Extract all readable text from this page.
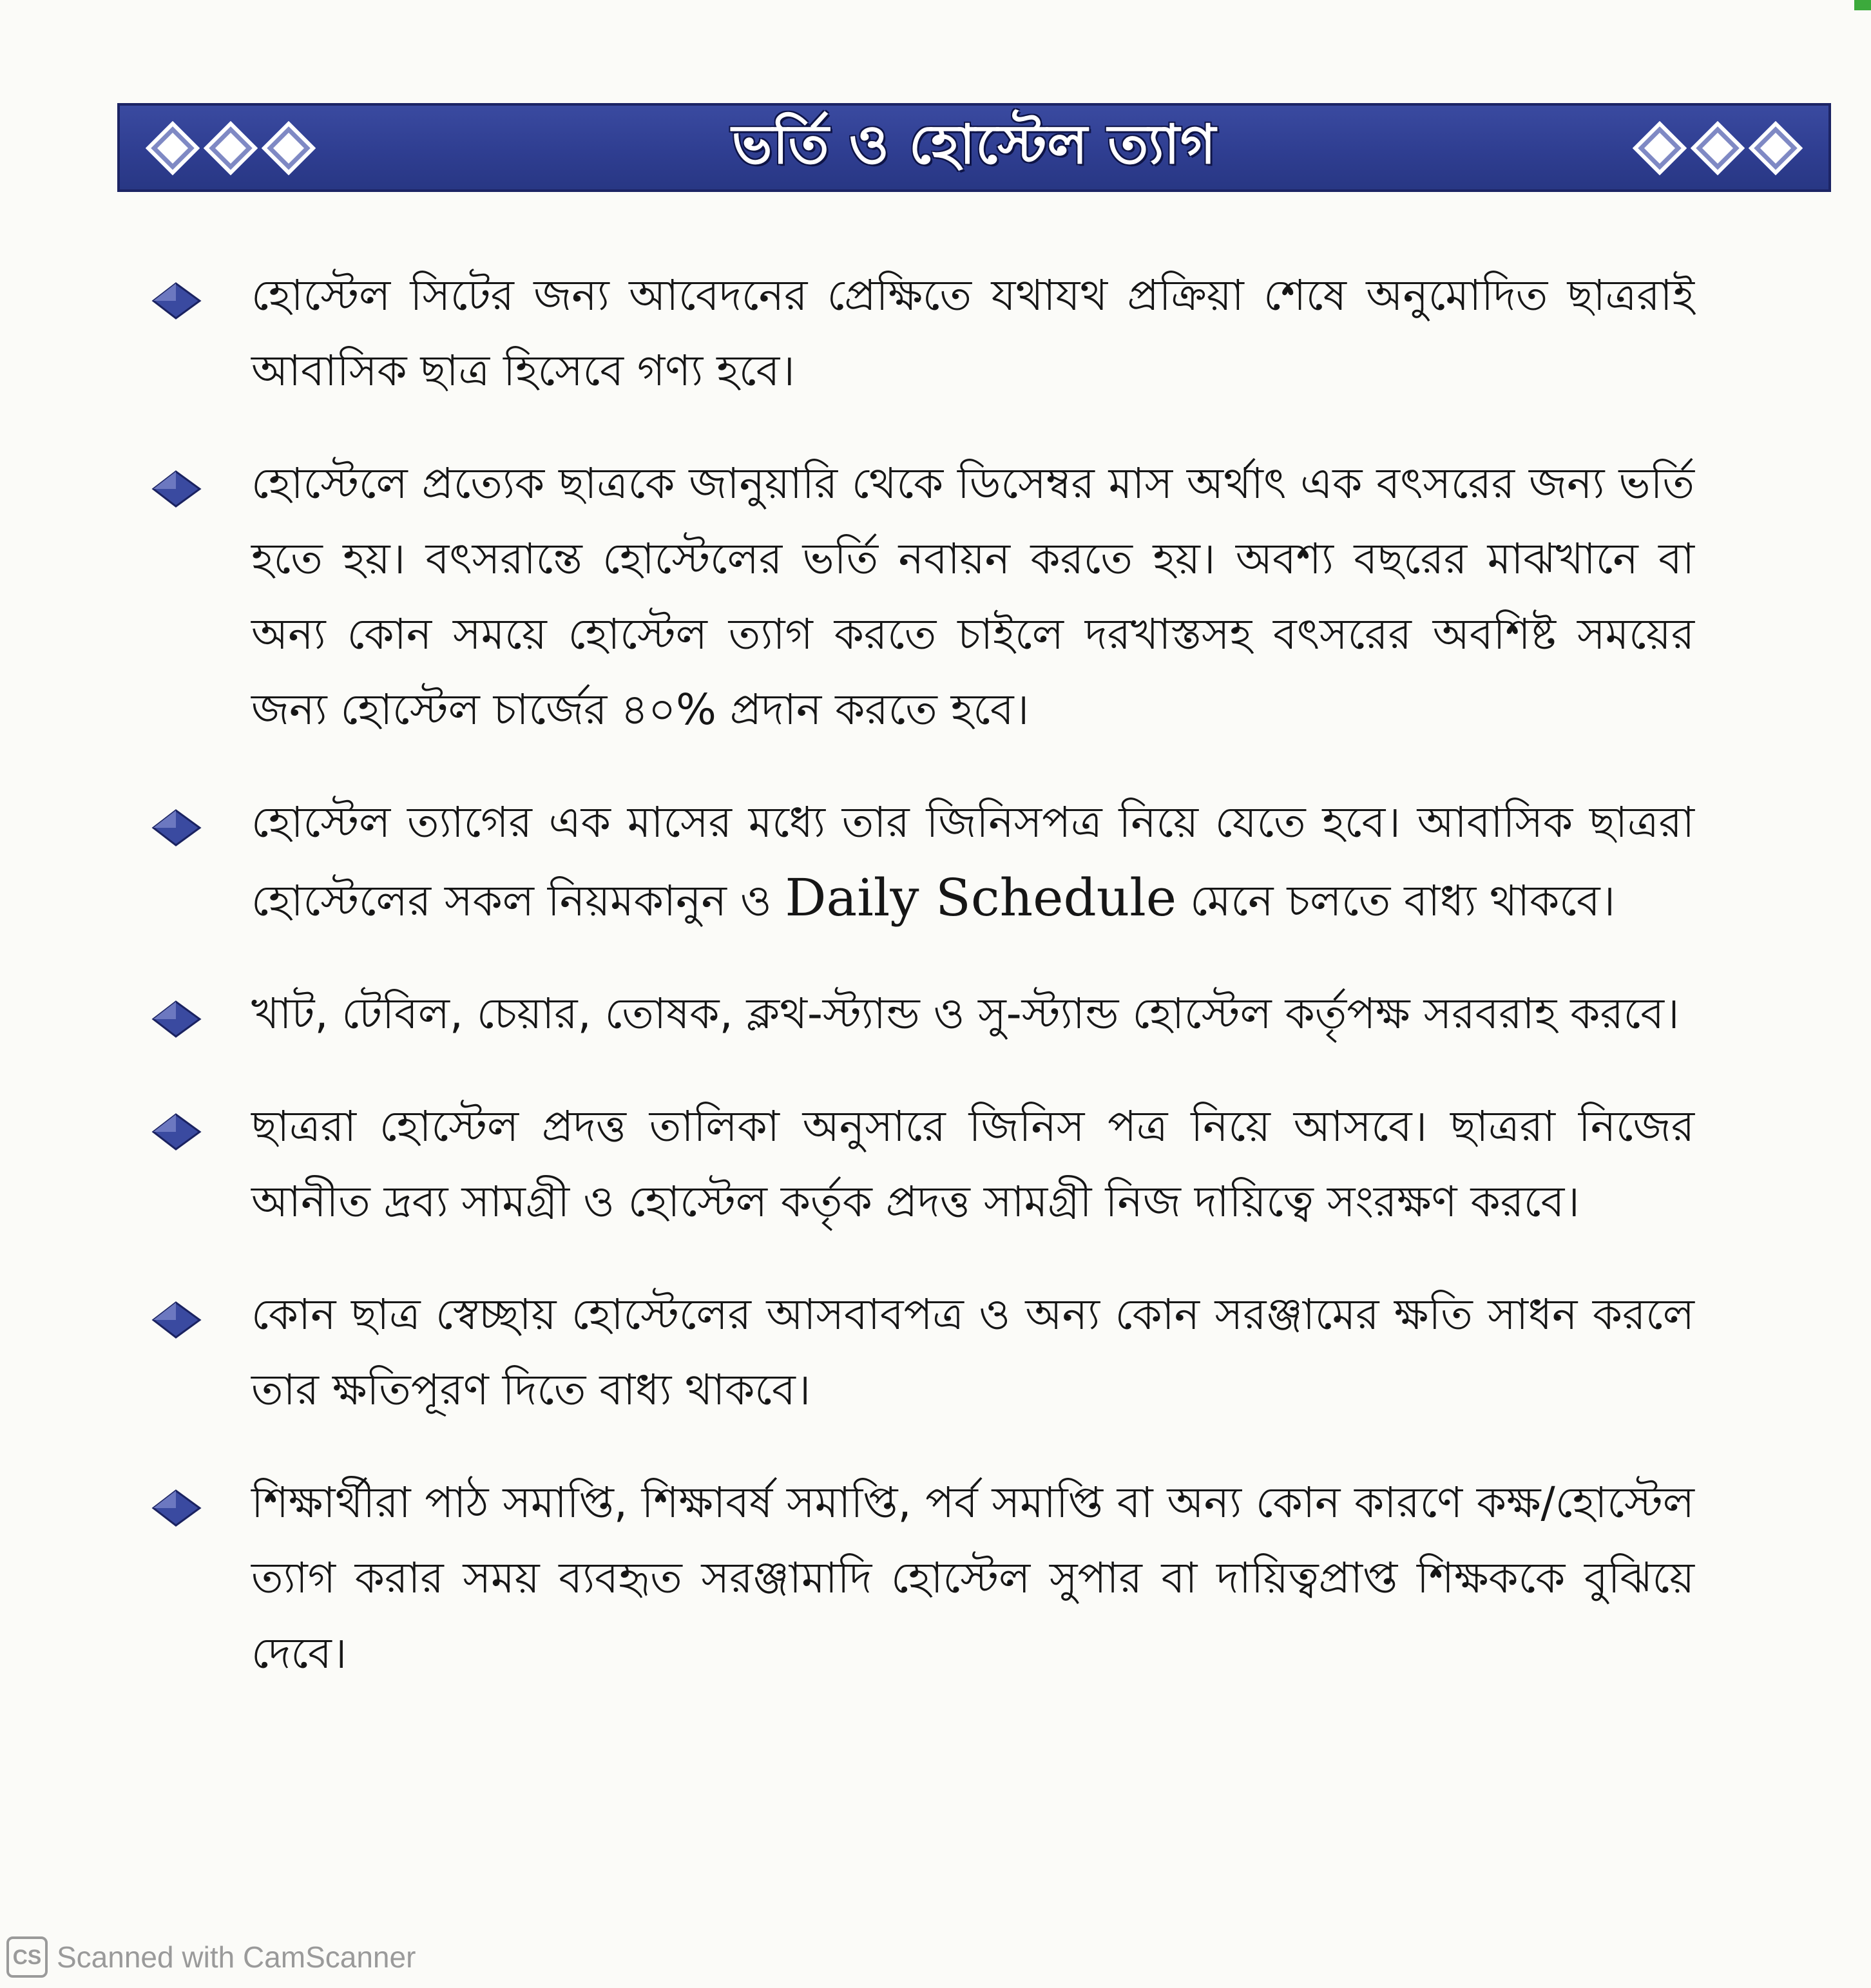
ভর্তি ও হোস্টেল ত্যাগ
হোস্টেল সিটের জন্য আবেদনের প্রেক্ষিতে যথাযথ প্রক্রিয়া শেষে অনুমোদিত ছাত্ররাই আবাসিক ছাত্র হিসেবে গণ্য হবে।
হোস্টেলে প্রত্যেক ছাত্রকে জানুয়ারি থেকে ডিসেম্বর মাস অর্থাৎ এক বৎসরের জন্য ভর্তি হতে হয়। বৎসরান্তে হোস্টেলের ভর্তি নবায়ন করতে হয়। অবশ্য বছরের মাঝখানে বা অন্য কোন সময়ে হোস্টেল ত্যাগ করতে চাইলে দরখাস্তসহ বৎসরের অবশিষ্ট সময়ের জন্য হোস্টেল চার্জের ৪০% প্রদান করতে হবে।
হোস্টেল ত্যাগের এক মাসের মধ্যে তার জিনিসপত্র নিয়ে যেতে হবে। আবাসিক ছাত্ররা হোস্টেলের সকল নিয়মকানুন ও Daily Schedule মেনে চলতে বাধ্য থাকবে।
খাট, টেবিল, চেয়ার, তোষক, ক্লথ-স্ট্যান্ড ও সু-স্ট্যান্ড হোস্টেল কর্তৃপক্ষ সরবরাহ করবে।
ছাত্ররা হোস্টেল প্রদত্ত তালিকা অনুসারে জিনিস পত্র নিয়ে আসবে। ছাত্ররা নিজের আনীত দ্রব্য সামগ্রী ও হোস্টেল কর্তৃক প্রদত্ত সামগ্রী নিজ দায়িত্বে সংরক্ষণ করবে।
কোন ছাত্র স্বেচ্ছায় হোস্টেলের আসবাবপত্র ও অন্য কোন সরঞ্জামের ক্ষতি সাধন করলে তার ক্ষতিপূরণ দিতে বাধ্য থাকবে।
শিক্ষার্থীরা পাঠ সমাপ্তি, শিক্ষাবর্ষ সমাপ্তি, পর্ব সমাপ্তি বা অন্য কোন কারণে কক্ষ/হোস্টেল ত্যাগ করার সময় ব্যবহৃত সরঞ্জামাদি হোস্টেল সুপার বা দায়িত্বপ্রাপ্ত শিক্ষককে বুঝিয়ে দেবে।
CS Scanned with CamScanner
